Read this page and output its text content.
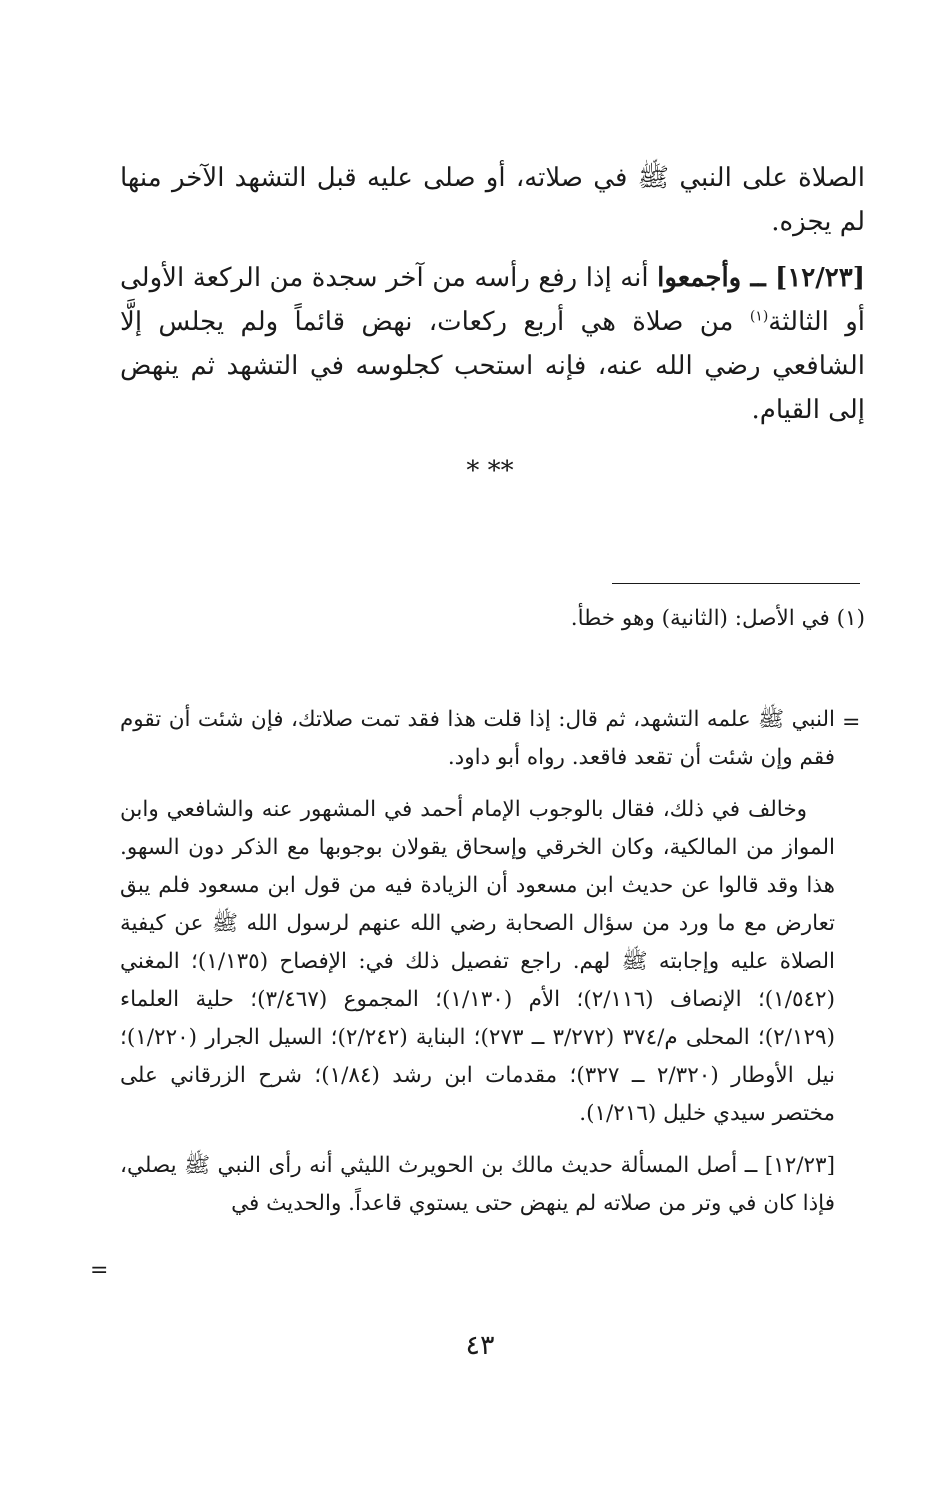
الصلاة على النبي ﷺ في صلاته، أو صلى عليه قبل التشهد الآخر منها لم يجزه.

[١٢/٢٣] ــ وأجمعوا أنه إذا رفع رأسه من آخر سجدة من الركعة الأولى أو الثالثة$^{(١)}$ من صلاة هي أربع ركعات، نهض قائماً ولم يجلس إلَّا الشافعي رضي الله عنه، فإنه استحب كجلوسه في التشهد ثم ينهض إلى القيام.

* **

(١) في الأصل: (الثانية) وهو خطأ.

=

النبي ﷺ علمه التشهد، ثم قال: إذا قلت هذا فقد تمت صلاتك، فإن شئت أن تقوم فقم وإن شئت أن تقعد فاقعد. رواه أبو داود.

وخالف في ذلك، فقال بالوجوب الإمام أحمد في المشهور عنه والشافعي وابن المواز من المالكية، وكان الخرقي وإسحاق يقولان بوجوبها مع الذكر دون السهو. هذا وقد قالوا عن حديث ابن مسعود أن الزيادة فيه من قول ابن مسعود فلم يبق تعارض مع ما ورد من سؤال الصحابة رضي الله عنهم لرسول الله ﷺ عن كيفية الصلاة عليه وإجابته ﷺ لهم. راجع تفصيل ذلك في: الإفصاح (١/١٣٥)؛ المغني (١/٥٤٢)؛ الإنصاف (٢/١١٦)؛ الأم (١/١٣٠)؛ المجموع (٣/٤٦٧)؛ حلية العلماء (٢/١٢٩)؛ المحلى م/٣٧٤ (٣/٢٧٢ ــ ٢٧٣)؛ البناية (٢/٢٤٢)؛ السيل الجرار (١/٢٢٠)؛ نيل الأوطار (٢/٣٢٠ ــ ٣٢٧)؛ مقدمات ابن رشد (١/٨٤)؛ شرح الزرقاني على مختصر سيدي خليل (١/٢١٦).

[١٢/٢٣] ــ أصل المسألة حديث مالك بن الحويرث الليثي أنه رأى النبي ﷺ يصلي، فإذا كان في وتر من صلاته لم ينهض حتى يستوي قاعداً. والحديث في

=
٤٣
